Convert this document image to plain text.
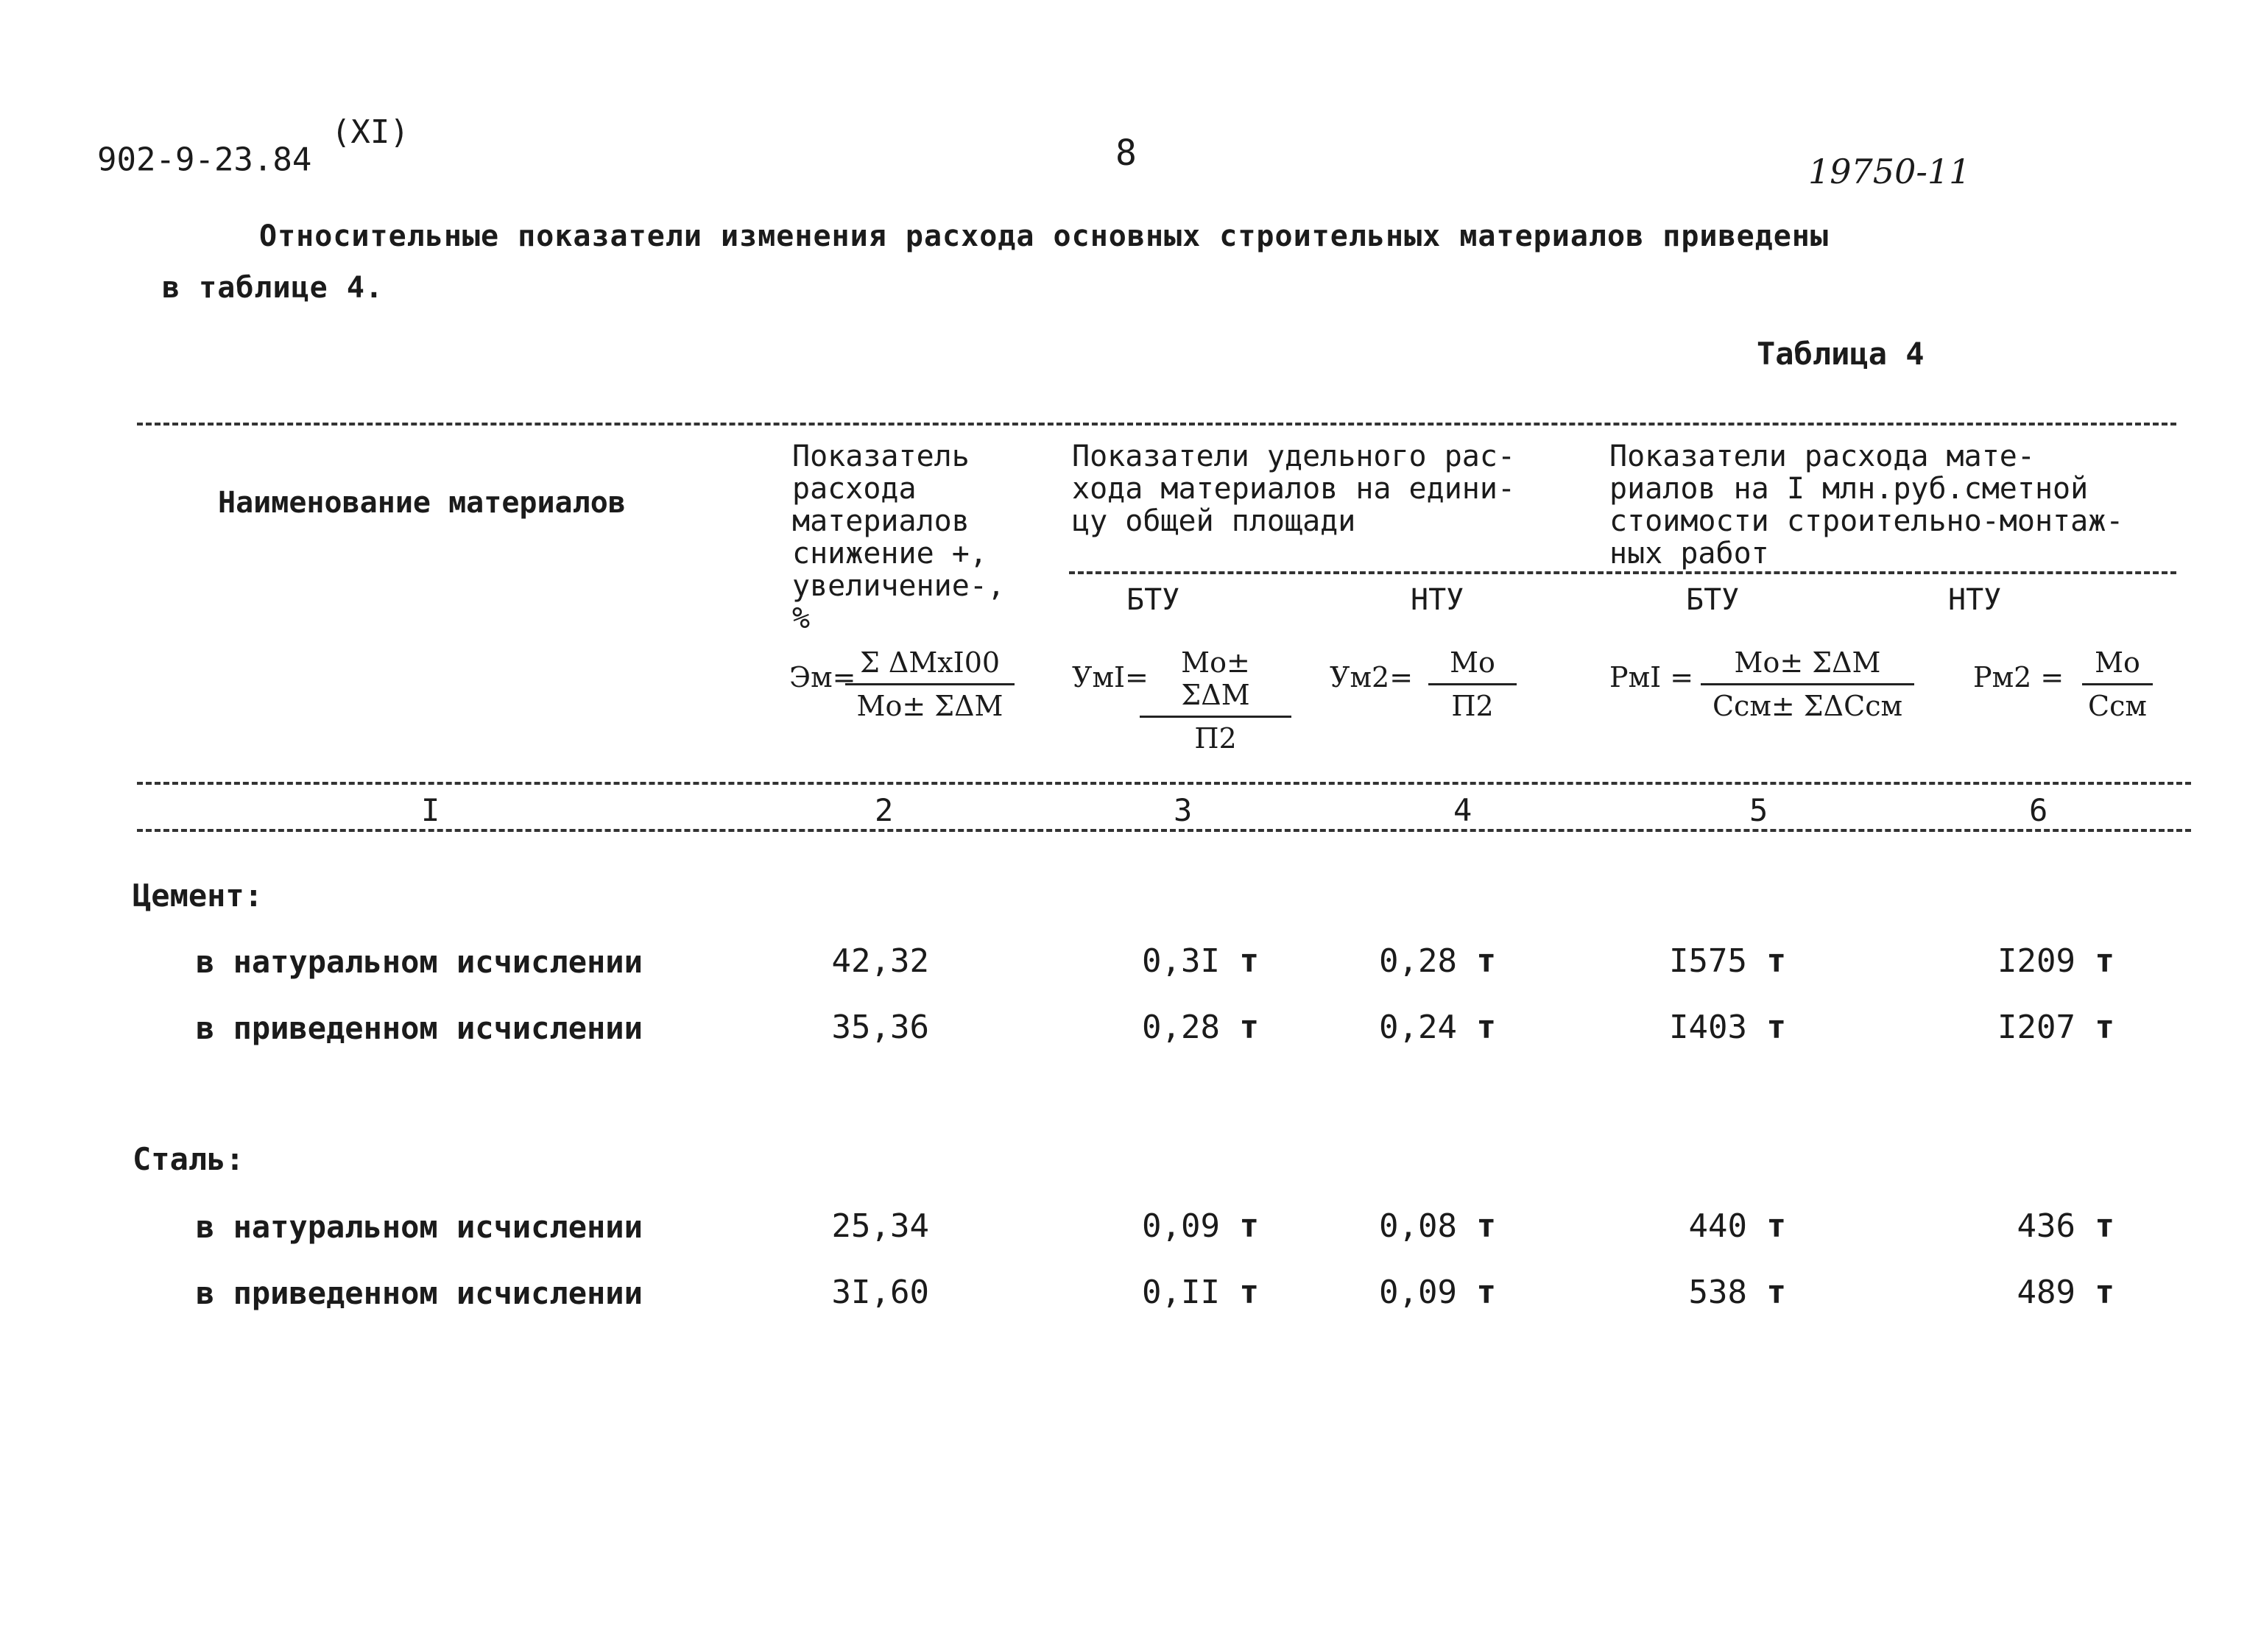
902-9-23.84 $^{(XI)}$
8	19750-11
Относительные показатели изменения расхода основных строительных материалов приведены
в таблице 4.
Таблица 4
Наименование материалов
Показатель
расхода
материалов
снижение +,
увеличение-,
%
Показатели удельного рас-
хода материалов на едини-
цу общей площади
Показатели расхода мате-
риалов на I млн.руб.сметной
стоимости строительно-монтаж-
ных работ
БТУ	НТУ	БТУ	НТУ
Эм= Σ ΔМхI00
Мо± ΣΔМ
УмI=	Мо± ΣΔМ
П2
Ум2=	Мо
П2
РмI =	Мо± ΣΔМ
Ссм± ΣΔСсм
Рм2 =	Мо
Ссм
I	2	3	4	5	6
Цемент:
в натуральном исчислении	42,32	0,3I т	0,28 т	I575 т	I209 т
в приведенном исчислении	35,36	0,28 т	0,24 т	I403 т	I207 т
Сталь:
в натуральном исчислении	25,34	0,09 т	0,08 т	440 т	436 т
в приведенном исчислении	3I,60	0,II т	0,09 т	538 т	489 т
